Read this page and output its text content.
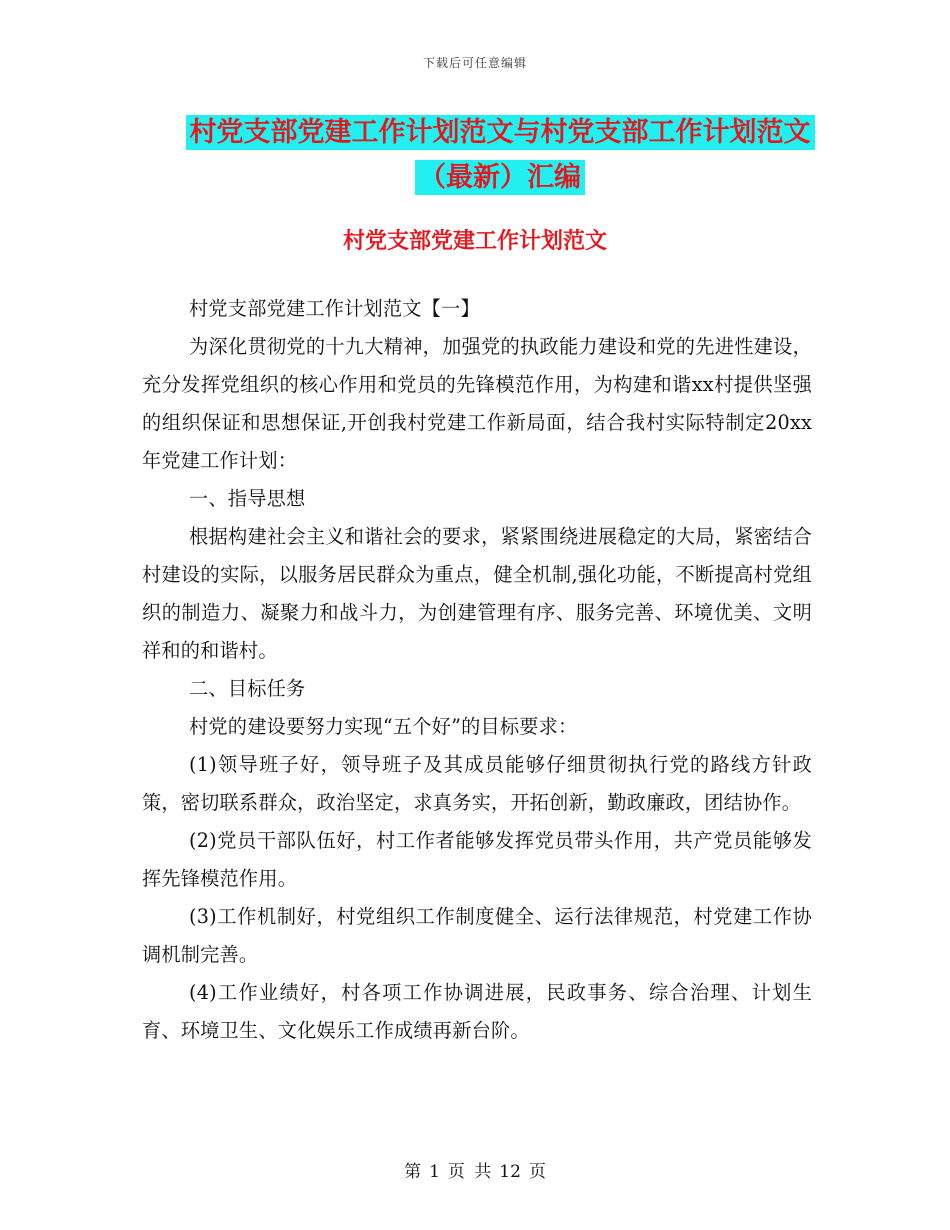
下载后可任意编辑
村党支部党建工作计划范文与村党支部工作计划范文
（最新）汇编
村党支部党建工作计划范文

村党支部党建工作计划范文【一】

为深化贯彻党的十九大精神，加强党的执政能力建设和党的先进性建设，充分发挥党组织的核心作用和党员的先锋模范作用，为构建和谐xx村提供坚强的组织保证和思想保证,开创我村党建工作新局面，结合我村实际特制定20xx年党建工作计划：

一、指导思想

根据构建社会主义和谐社会的要求，紧紧围绕进展稳定的大局，紧密结合村建设的实际，以服务居民群众为重点，健全机制,强化功能，不断提高村党组织的制造力、凝聚力和战斗力，为创建管理有序、服务完善、环境优美、文明祥和的和谐村。

二、目标任务

村党的建设要努力实现“五个好”的目标要求：

(1)领导班子好，领导班子及其成员能够仔细贯彻执行党的路线方针政策，密切联系群众，政治坚定，求真务实，开拓创新，勤政廉政，团结协作。

(2)党员干部队伍好，村工作者能够发挥党员带头作用，共产党员能够发挥先锋模范作用。

(3)工作机制好，村党组织工作制度健全、运行法律规范，村党建工作协调机制完善。

(4)工作业绩好，村各项工作协调进展，民政事务、综合治理、计划生育、环境卫生、文化娱乐工作成绩再新台阶。

第 1 页 共 12 页
